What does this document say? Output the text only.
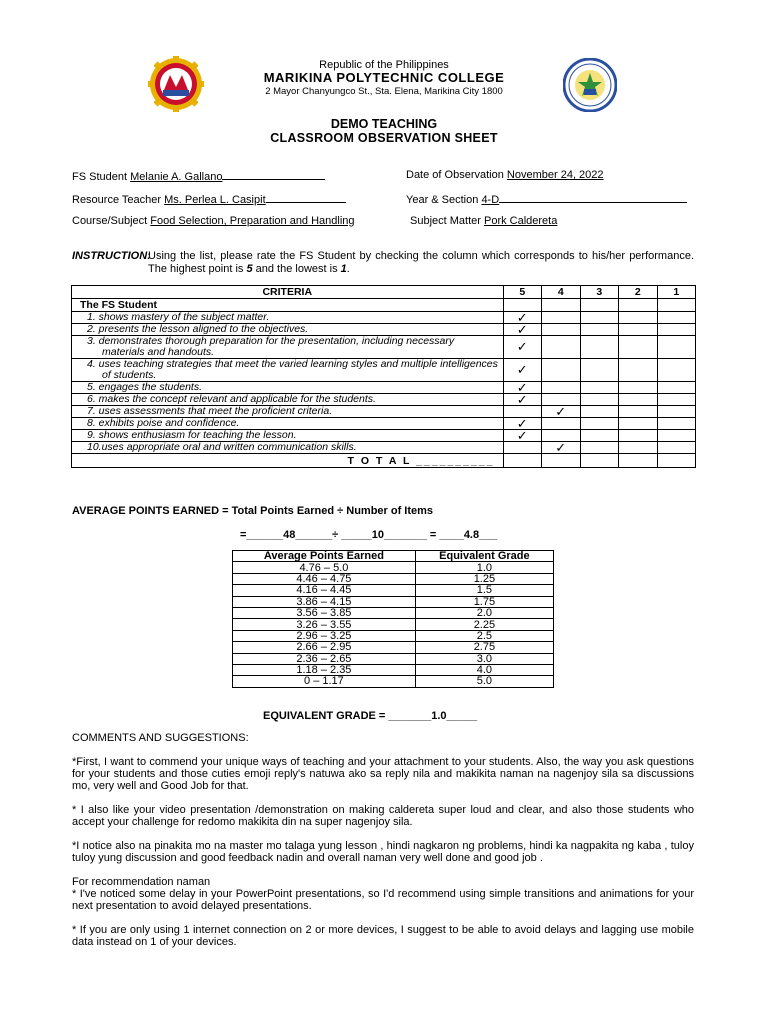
Republic of the Philippines
MARIKINA POLYTECHNIC COLLEGE
2 Mayor Chanyungco St., Sta. Elena, Marikina City 1800
DEMO TEACHING
CLASSROOM OBSERVATION SHEET
FS Student Melanie A. Gallano	Date of Observation November 24, 2022
Resource Teacher Ms. Perlea L. Casipit	Year & Section 4-D
Course/Subject Food Selection, Preparation and Handling	Subject Matter Pork Caldereta
INSTRUCTION:
Using the list, please rate the FS Student by checking the column which corresponds to his/her performance. The highest point is 5 and the lowest is 1.
CRITERIA	5	4	3	2	1
The FS Student					
1. shows mastery of the subject matter.	✓				
2. presents the lesson aligned to the objectives.	✓				
3. demonstrates thorough preparation for the presentation, including necessary materials and handouts.	✓				
4. uses teaching strategies that meet the varied learning styles and multiple intelligences of students.	✓				
5. engages the students.	✓				
6. makes the concept relevant and applicable for the students.	✓				
7. uses assessments that meet the proficient criteria.		✓			
8. exhibits poise and confidence.	✓				
9. shows enthusiasm for teaching the lesson.	✓				
10.uses appropriate oral and written communication skills.		✓			
T O T A L __________					
AVERAGE POINTS EARNED = Total Points Earned ÷ Number of Items
=______48______÷ _____10_______ = ____4.8___
Average Points Earned	Equivalent Grade
4.76 – 5.0	1.0
4.46 – 4.75	1.25
4.16 – 4.45	1.5
3.86 – 4.15	1.75
3.56 – 3.85	2.0
3.26 – 3.55	2.25
2.96 – 3.25	2.5
2.66 – 2.95	2.75
2.36 – 2.65	3.0
1.18 – 2.35	4.0
0 – 1.17	5.0
EQUIVALENT GRADE = _______1.0_____

COMMENTS AND SUGGESTIONS:

*First, I want to commend your unique ways of teaching and your attachment to your students. Also, the way you ask questions for your students and those cuties emoji reply's natuwa ako sa reply nila and makikita naman na nagenjoy sila sa discussions mo, very well and Good Job for that.

* I also like your video presentation /demonstration on making caldereta super loud and clear, and also those students who accept your challenge for redomo makikita din na super nagenjoy sila.

*I notice also na pinakita mo na master mo talaga yung lesson , hindi nagkaron ng problems, hindi ka nagpakita ng kaba , tuloy tuloy yung discussion and good feedback nadin and overall naman very well done and good job .

For recommendation naman

* I've noticed some delay in your PowerPoint presentations, so I'd recommend using simple transitions and animations for your next presentation to avoid delayed presentations.

* If you are only using 1 internet connection on 2 or more devices, I suggest to be able to avoid delays and lagging use mobile data instead on 1 of your devices.
